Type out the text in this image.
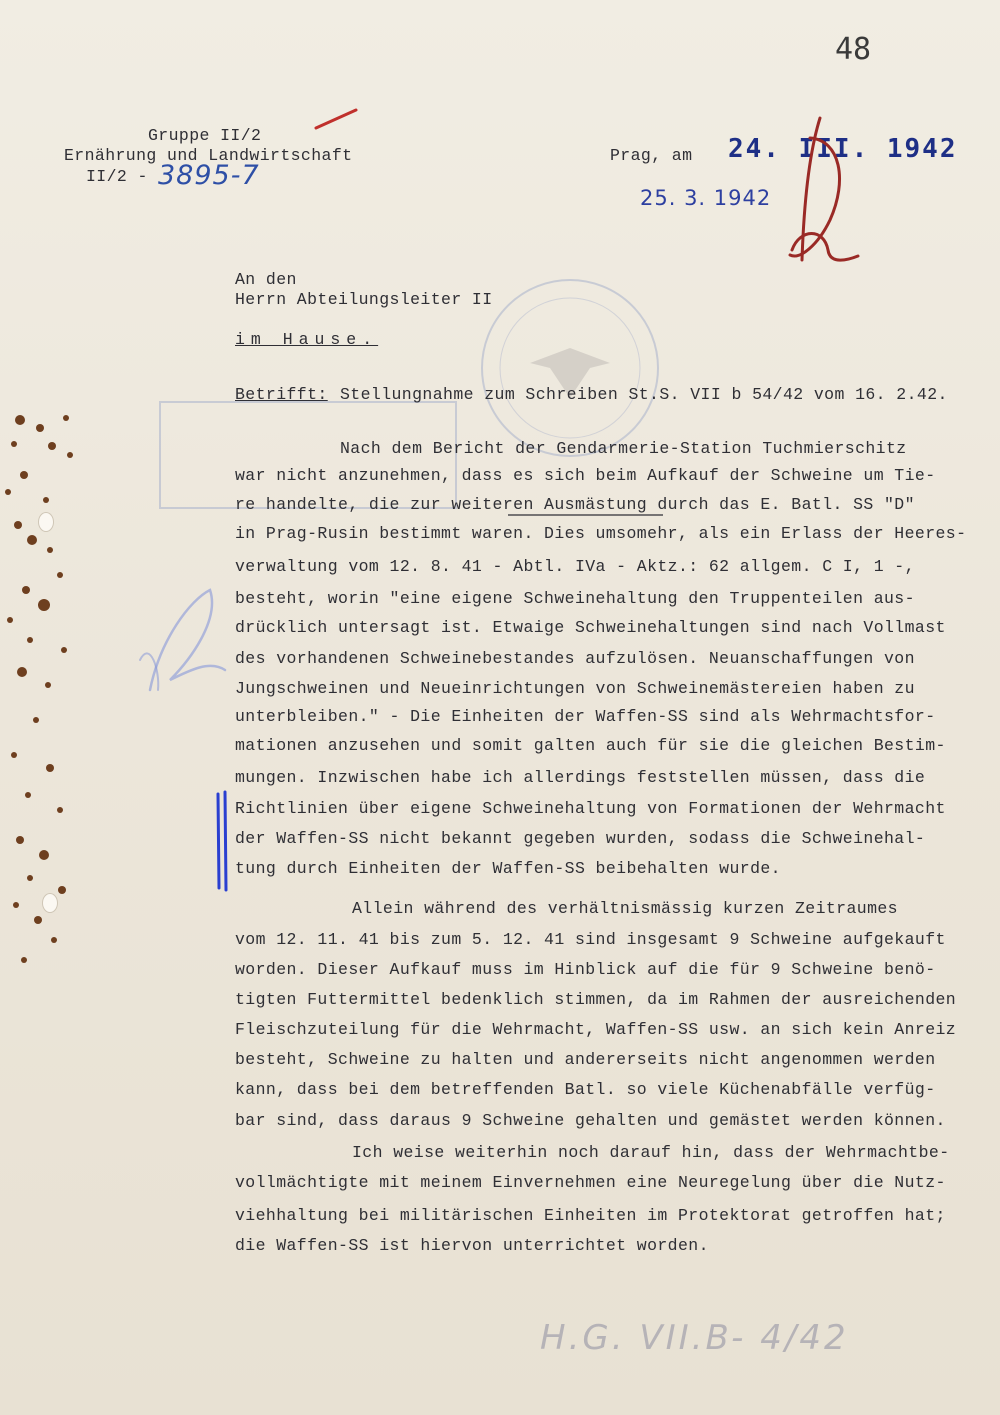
48
Gruppe II/2
Ernährung und Landwirtschaft
II/2 - 3895-7
Prag, am 24. III. 1942
25. 3. 1942
An den
Herrn Abteilungsleiter II
im Hause.
Betrifft: Stellungnahme zum Schreiben St.S. VII b 54/42 vom 16. 2.42.
Nach dem Bericht der Gendarmerie-Station Tuchmierschitz
war nicht anzunehmen, dass es sich beim Aufkauf der Schweine um Tie-
re handelte, die zur weiteren Ausmästung durch das E. Batl. SS "D"
in Prag-Rusin bestimmt waren. Dies umsomehr, als ein Erlass der Heeres-
verwaltung vom 12. 8. 41 - Abtl. IVa - Aktz.: 62 allgem. C I, 1 -,
besteht, worin "eine eigene Schweinehaltung den Truppenteilen aus-
drücklich untersagt ist. Etwaige Schweinehaltungen sind nach Vollmast
des vorhandenen Schweinebestandes aufzulösen. Neuanschaffungen von
Jungschweinen und Neueinrichtungen von Schweinemästereien haben zu
unterbleiben." - Die Einheiten der Waffen-SS sind als Wehrmachtsfor-
mationen anzusehen und somit galten auch für sie die gleichen Bestim-
mungen. Inzwischen habe ich allerdings feststellen müssen, dass die
Richtlinien über eigene Schweinehaltung von Formationen der Wehrmacht
der Waffen-SS nicht bekannt gegeben wurden, sodass die Schweinehal-
tung durch Einheiten der Waffen-SS beibehalten wurde.
Allein während des verhältnismässig kurzen Zeitraumes
vom 12. 11. 41 bis zum 5. 12. 41 sind insgesamt 9 Schweine aufgekauft
worden. Dieser Aufkauf muss im Hinblick auf die für 9 Schweine benö-
tigten Futtermittel bedenklich stimmen, da im Rahmen der ausreichenden
Fleischzuteilung für die Wehrmacht, Waffen-SS usw. an sich kein Anreiz
besteht, Schweine zu halten und andererseits nicht angenommen werden
kann, dass bei dem betreffenden Batl. so viele Küchenabfälle verfüg-
bar sind, dass daraus 9 Schweine gehalten und gemästet werden können.
Ich weise weiterhin noch darauf hin, dass der Wehrmachtbe-
vollmächtigte mit meinem Einvernehmen eine Neuregelung über die Nutz-
viehhaltung bei militärischen Einheiten im Protektorat getroffen hat;
die Waffen-SS ist hiervon unterrichtet worden.
H.G. VII.B- 4/42
